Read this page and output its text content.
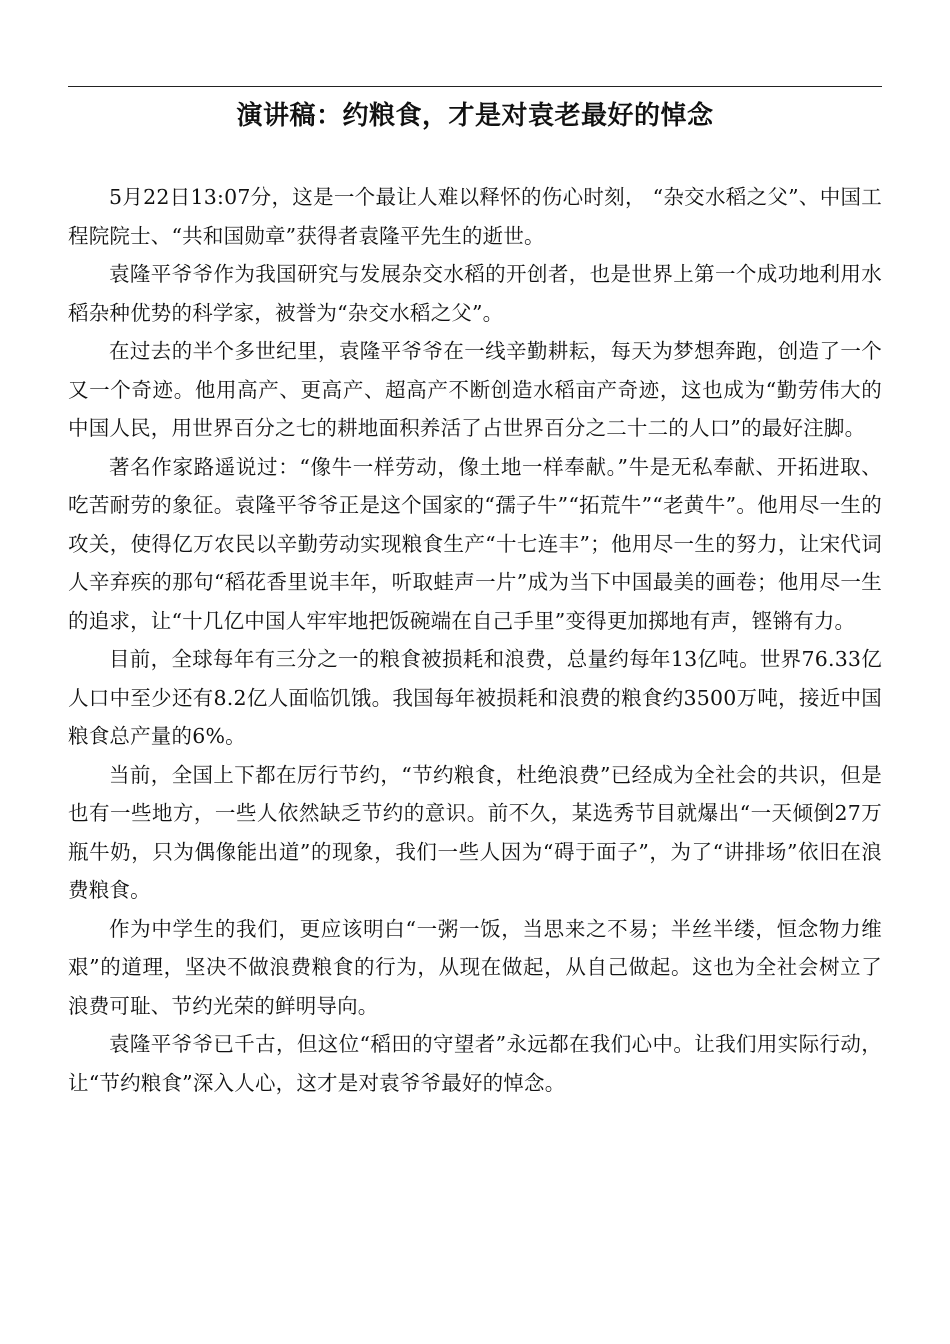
演讲稿：约粮食，才是对袁老最好的悼念

5月22日13:07分，这是一个最让人难以释怀的伤心时刻， “杂交水稻之父”、中国工程院院士、“共和国勋章”获得者袁隆平先生的逝世。

袁隆平爷爷作为我国研究与发展杂交水稻的开创者，也是世界上第一个成功地利用水稻杂种优势的科学家，被誉为“杂交水稻之父”。

在过去的半个多世纪里，袁隆平爷爷在一线辛勤耕耘，每天为梦想奔跑，创造了一个又一个奇迹。他用高产、更高产、超高产不断创造水稻亩产奇迹，这也成为“勤劳伟大的中国人民，用世界百分之七的耕地面积养活了占世界百分之二十二的人口”的最好注脚。

著名作家路遥说过：“像牛一样劳动，像土地一样奉献。”牛是无私奉献、开拓进取、吃苦耐劳的象征。袁隆平爷爷正是这个国家的“孺子牛”“拓荒牛”“老黄牛”。他用尽一生的攻关，使得亿万农民以辛勤劳动实现粮食生产“十七连丰”；他用尽一生的努力，让宋代词人辛弃疾的那句“稻花香里说丰年，听取蛙声一片”成为当下中国最美的画卷；他用尽一生的追求，让“十几亿中国人牢牢地把饭碗端在自己手里”变得更加掷地有声，铿锵有力。

目前，全球每年有三分之一的粮食被损耗和浪费，总量约每年13亿吨。世界76.33亿人口中至少还有8.2亿人面临饥饿。我国每年被损耗和浪费的粮食约3500万吨，接近中国粮食总产量的6%。

当前，全国上下都在厉行节约，“节约粮食，杜绝浪费”已经成为全社会的共识，但是也有一些地方，一些人依然缺乏节约的意识。前不久，某选秀节目就爆出“一天倾倒27万瓶牛奶，只为偶像能出道”的现象，我们一些人因为“碍于面子”，为了“讲排场”依旧在浪费粮食。

作为中学生的我们，更应该明白“一粥一饭，当思来之不易；半丝半缕，恒念物力维艰”的道理，坚决不做浪费粮食的行为，从现在做起，从自己做起。这也为全社会树立了浪费可耻、节约光荣的鲜明导向。

袁隆平爷爷已千古，但这位“稻田的守望者”永远都在我们心中。让我们用实际行动，让“节约粮食”深入人心，这才是对袁爷爷最好的悼念。
